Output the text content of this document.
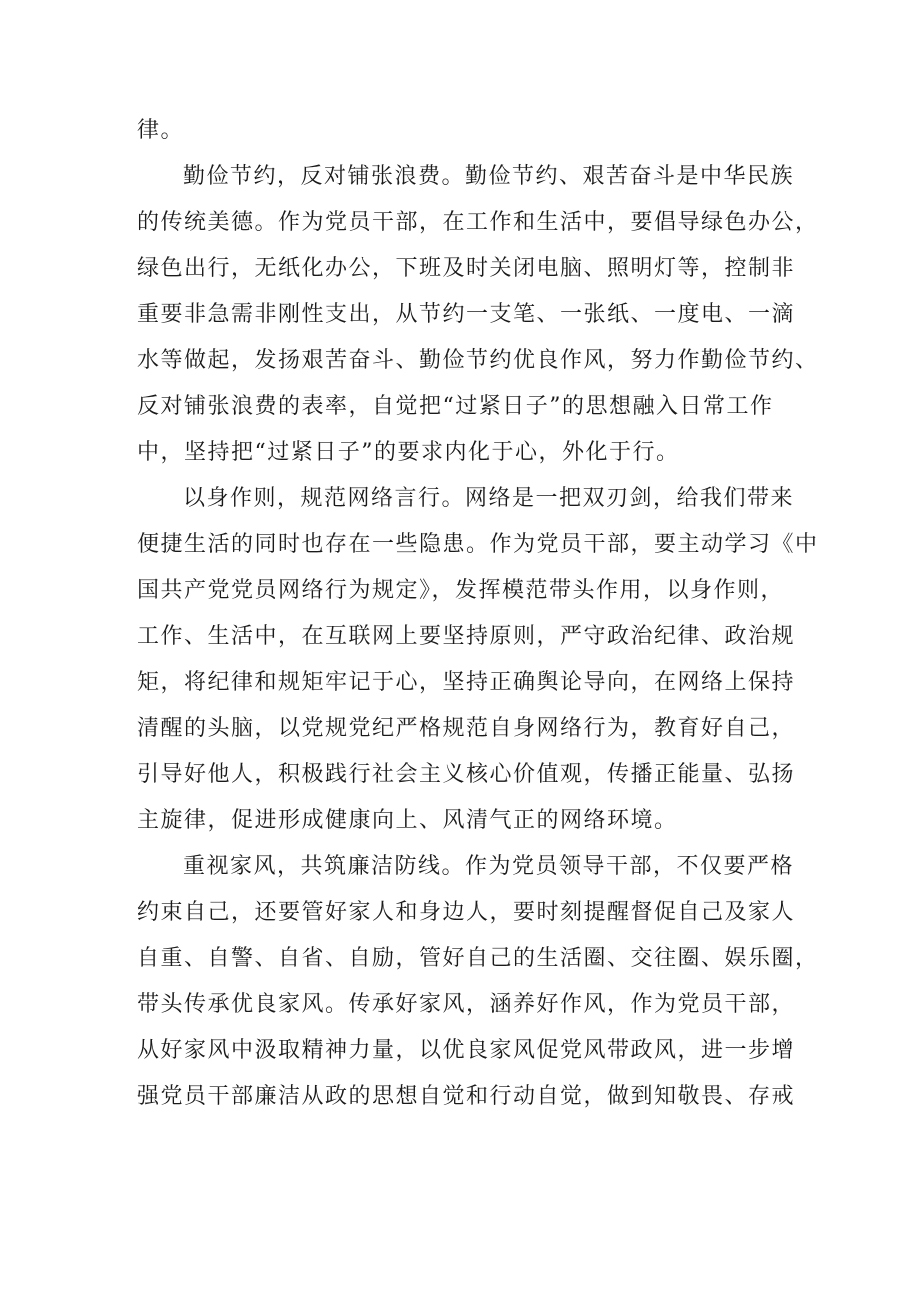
律。
勤俭节约，反对铺张浪费。勤俭节约、艰苦奋斗是中华民族
的传统美德。作为党员干部，在工作和生活中，要倡导绿色办公，
绿色出行，无纸化办公，下班及时关闭电脑、照明灯等，控制非
重要非急需非刚性支出，从节约一支笔、一张纸、一度电、一滴
水等做起，发扬艰苦奋斗、勤俭节约优良作风，努力作勤俭节约、
反对铺张浪费的表率，自觉把“过紧日子”的思想融入日常工作
中，坚持把“过紧日子”的要求内化于心，外化于行。
以身作则，规范网络言行。网络是一把双刃剑，给我们带来
便捷生活的同时也存在一些隐患。作为党员干部，要主动学习《中
国共产党党员网络行为规定》，发挥模范带头作用，以身作则，
工作、生活中，在互联网上要坚持原则，严守政治纪律、政治规
矩，将纪律和规矩牢记于心，坚持正确舆论导向，在网络上保持
清醒的头脑，以党规党纪严格规范自身网络行为，教育好自己，
引导好他人，积极践行社会主义核心价值观，传播正能量、弘扬
主旋律，促进形成健康向上、风清气正的网络环境。
重视家风，共筑廉洁防线。作为党员领导干部，不仅要严格
约束自己，还要管好家人和身边人，要时刻提醒督促自己及家人
自重、自警、自省、自励，管好自己的生活圈、交往圈、娱乐圈，
带头传承优良家风。传承好家风，涵养好作风，作为党员干部，
从好家风中汲取精神力量，以优良家风促党风带政风，进一步增
强党员干部廉洁从政的思想自觉和行动自觉，做到知敬畏、存戒
